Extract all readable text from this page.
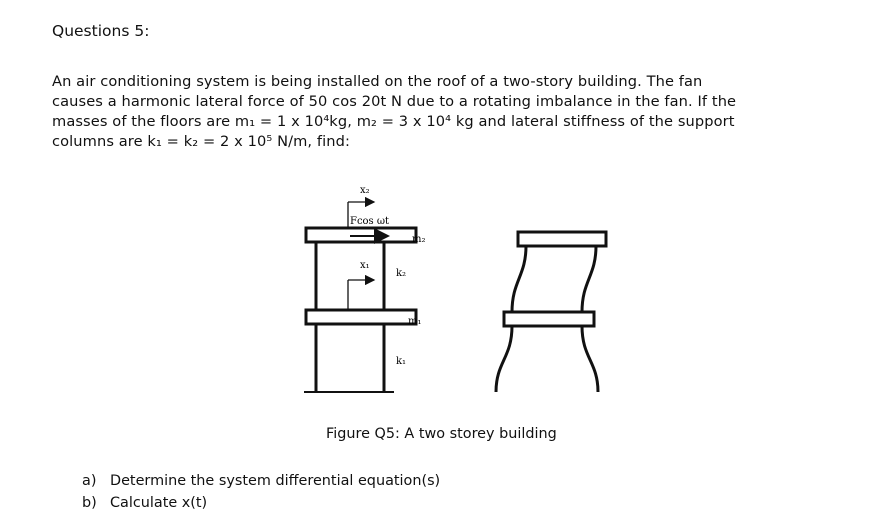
Questions 5:

An air conditioning system is being installed on the roof of a two-story building. The fan

causes a harmonic lateral force of 50 cos 20t N due to a rotating imbalance in the fan. If the

masses of the floors are m₁ = 1 x 10⁴kg, m₂ = 3 x 10⁴ kg and lateral stiffness of the support

columns are k₁ = k₂ = 2 x 10⁵ N/m, find:

x₂
Fcos ωt
x₁
m₂
k₂
m₁
k₁
Figure Q5: A two storey building
a) Determine the system differential equation(s)
b) Calculate x(t)
